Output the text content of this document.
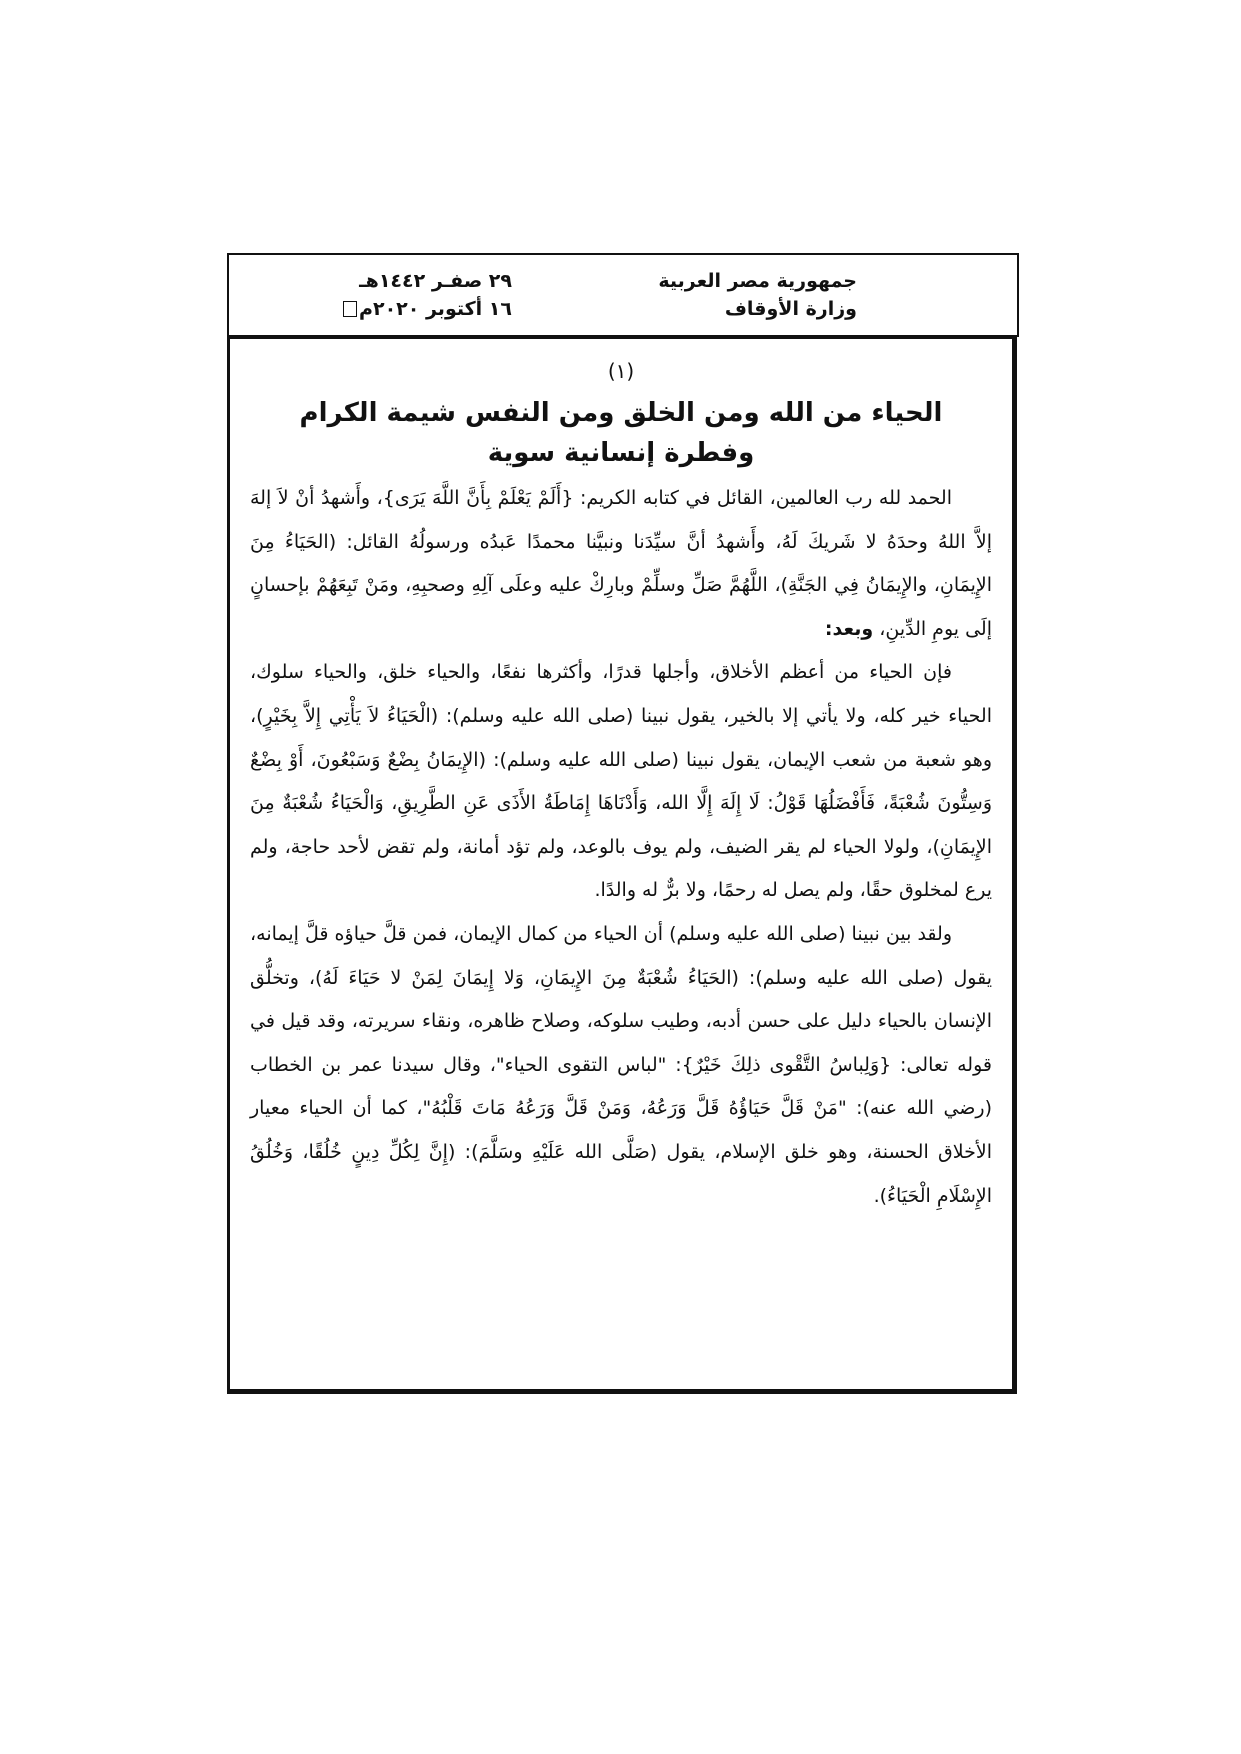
جمهورية مصر العربية
وزارة الأوقاف
٢٩ صفـر ١٤٤٢هـ
١٦ أكتوبر ٢٠٢٠م
(١)
الحياء من الله ومن الخلق ومن النفس شيمة الكرام
وفطرة إنسانية سوية

الحمد لله رب العالمين، القائل في كتابه الكريم: {أَلَمْ يَعْلَمْ بِأَنَّ اللَّهَ يَرَى}، وأَشهدُ أنْ لاَ إلهَ إلاَّ اللهُ وحدَهُ لا شَريكَ لَهُ، وأَشهدُ أنَّ سيِّدَنا ونبيَّنا محمدًا عَبدُه ورسولُهُ القائل: (الحَيَاءُ مِنَ الإِيمَانِ، والإِيمَانُ فِي الجَنَّةِ)، اللَّهُمَّ صَلِّ وسلِّمْ وبارِكْ عليه وعلَى آلِهِ وصحبِهِ، ومَنْ تَبِعَهُمْ بإحسانٍ إلَى يومِ الدِّينِ، وبعد:

فإن الحياء من أعظم الأخلاق، وأجلها قدرًا، وأكثرها نفعًا، والحياء خلق، والحياء سلوك، الحياء خير كله، ولا يأتي إلا بالخير، يقول نبينا (صلى الله عليه وسلم): (الْحَيَاءُ لاَ يَأْتِي إِلاَّ بِخَيْرٍ)، وهو شعبة من شعب الإيمان، يقول نبينا (صلى الله عليه وسلم): (الإِيمَانُ بِضْعٌ وَسَبْعُونَ، أَوْ بِضْعٌ وَسِتُّونَ شُعْبَةً، فَأَفْضَلُهَا قَوْلُ: لَا إِلَهَ إِلَّا الله، وَأَدْنَاهَا إِمَاطَةُ الأَذَى عَنِ الطَّرِيقِ، وَالْحَيَاءُ شُعْبَةٌ مِنَ الإِيمَانِ)، ولولا الحياء لم يقر الضيف، ولم يوف بالوعد، ولم تؤد أمانة، ولم تقض لأحد حاجة، ولم يرع لمخلوق حقًا، ولم يصل له رحمًا، ولا برٌّ له والدًا.

ولقد بين نبينا (صلى الله عليه وسلم) أن الحياء من كمال الإيمان، فمن قلَّ حياؤه قلَّ إيمانه، يقول (صلى الله عليه وسلم): (الحَيَاءُ شُعْبَةٌ مِنَ الإِيمَانِ، وَلا إِيمَانَ لِمَنْ لا حَيَاءَ لَهُ)، وتخلُّق الإنسان بالحياء دليل على حسن أدبه، وطيب سلوكه، وصلاح ظاهره، ونقاء سريرته، وقد قيل في قوله تعالى: {وَلِباسُ التَّقْوى ذلِكَ خَيْرٌ}: "لباس التقوى الحياء"، وقال سيدنا عمر بن الخطاب (رضي الله عنه): "مَنْ قَلَّ حَيَاؤُهُ قَلَّ وَرَعُهُ، وَمَنْ قَلَّ وَرَعُهُ مَاتَ قَلْبُهُ"، كما أن الحياء معيار الأخلاق الحسنة، وهو خلق الإسلام، يقول (صَلَّى الله عَلَيْهِ وسَلَّمَ): (إِنَّ لِكُلِّ دِينٍ خُلُقًا، وَخُلُقُ الإِسْلَامِ الْحَيَاءُ).
